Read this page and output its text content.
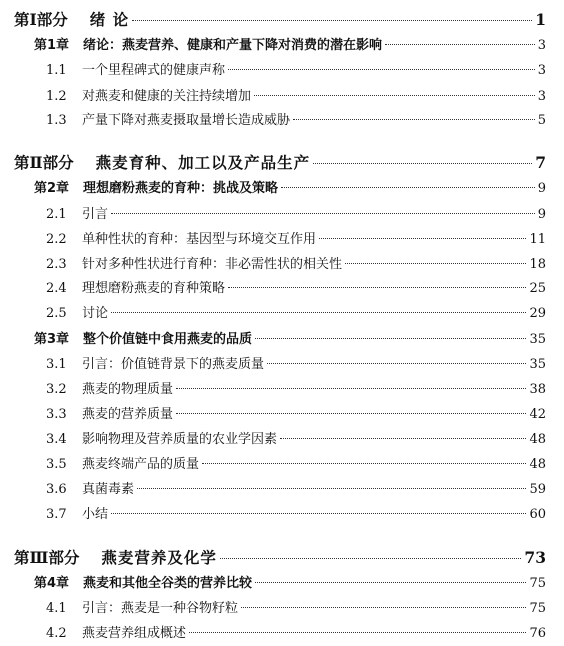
第Ⅰ部分 绪 论	1
第1章 绪论：燕麦营养、健康和产量下降对消费的潜在影响	3
1.1	一个里程碑式的健康声称	3
1.2	对燕麦和健康的关注持续增加	3
1.3	产量下降对燕麦摄取量增长造成威胁	5
第Ⅱ部分 燕麦育种、加工以及产品生产	7
第2章 理想磨粉燕麦的育种：挑战及策略	9
2.1	引言	9
2.2	单种性状的育种：基因型与环境交互作用	11
2.3	针对多种性状进行育种：非必需性状的相关性	18
2.4	理想磨粉燕麦的育种策略	25
2.5	讨论	29
第3章 整个价值链中食用燕麦的品质	35
3.1	引言：价值链背景下的燕麦质量	35
3.2	燕麦的物理质量	38
3.3	燕麦的营养质量	42
3.4	影响物理及营养质量的农业学因素	48
3.5	燕麦终端产品的质量	48
3.6	真菌毒素	59
3.7	小结	60
第Ⅲ部分 燕麦营养及化学	73
第4章 燕麦和其他全谷类的营养比较	75
4.1	引言：燕麦是一种谷物籽粒	75
4.2	燕麦营养组成概述	76
